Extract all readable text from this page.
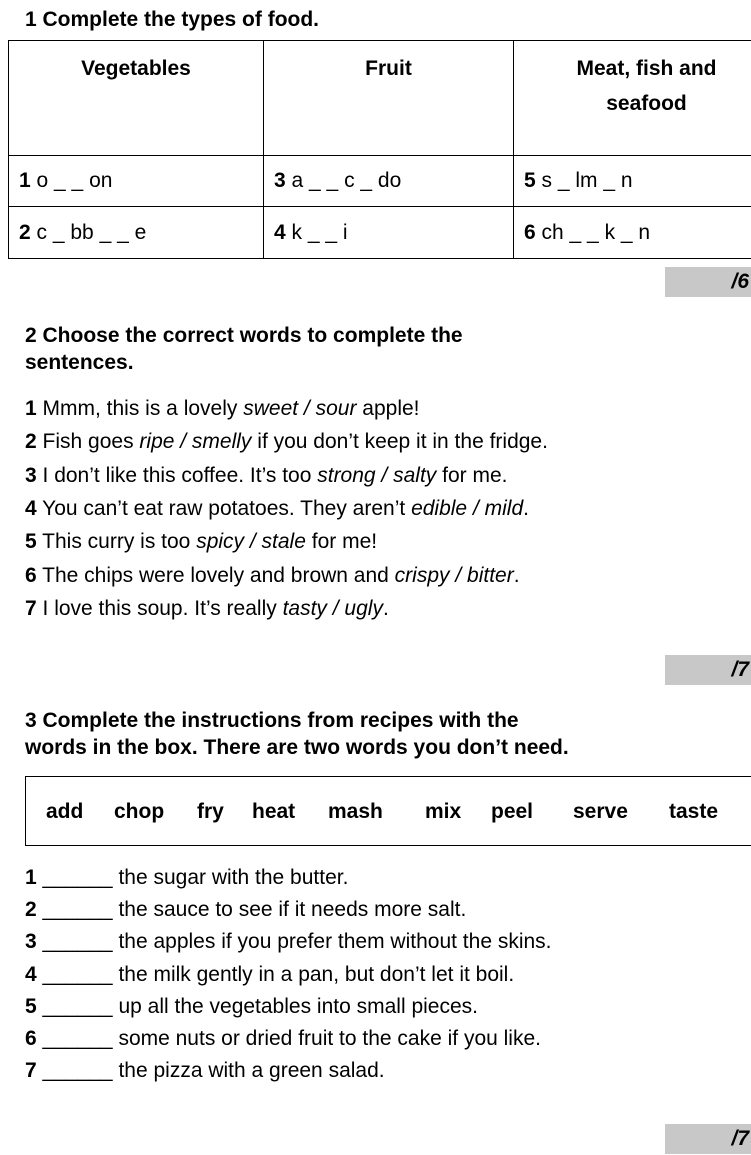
1 Complete the types of food.
Vegetables	Fruit	Meat, fish and seafood
1 o _ _ on	3 a _ _ c _ do	5 s _ lm _ n
2 c _ bb _ _ e	4 k _ _ i	6 ch _ _ k _ n
/6
2 Choose the correct words to complete the
sentences.
1 Mmm, this is a lovely sweet / sour apple!
2 Fish goes ripe / smelly if you don’t keep it in the fridge.
3 I don’t like this coffee. It’s too strong / salty for me.
4 You can’t eat raw potatoes. They aren’t edible / mild.
5 This curry is too spicy / stale for me!
6 The chips were lovely and brown and crispy / bitter.
7 I love this soup. It’s really tasty / ugly.
/7
3 Complete the instructions from recipes with the
words in the box. There are two words you don’t need.
add chop fry heat mash mix peel serve taste
1 ______ the sugar with the butter.
2 ______ the sauce to see if it needs more salt.
3 ______ the apples if you prefer them without the skins.
4 ______ the milk gently in a pan, but don’t let it boil.
5 ______ up all the vegetables into small pieces.
6 ______ some nuts or dried fruit to the cake if you like.
7 ______ the pizza with a green salad.
/7
